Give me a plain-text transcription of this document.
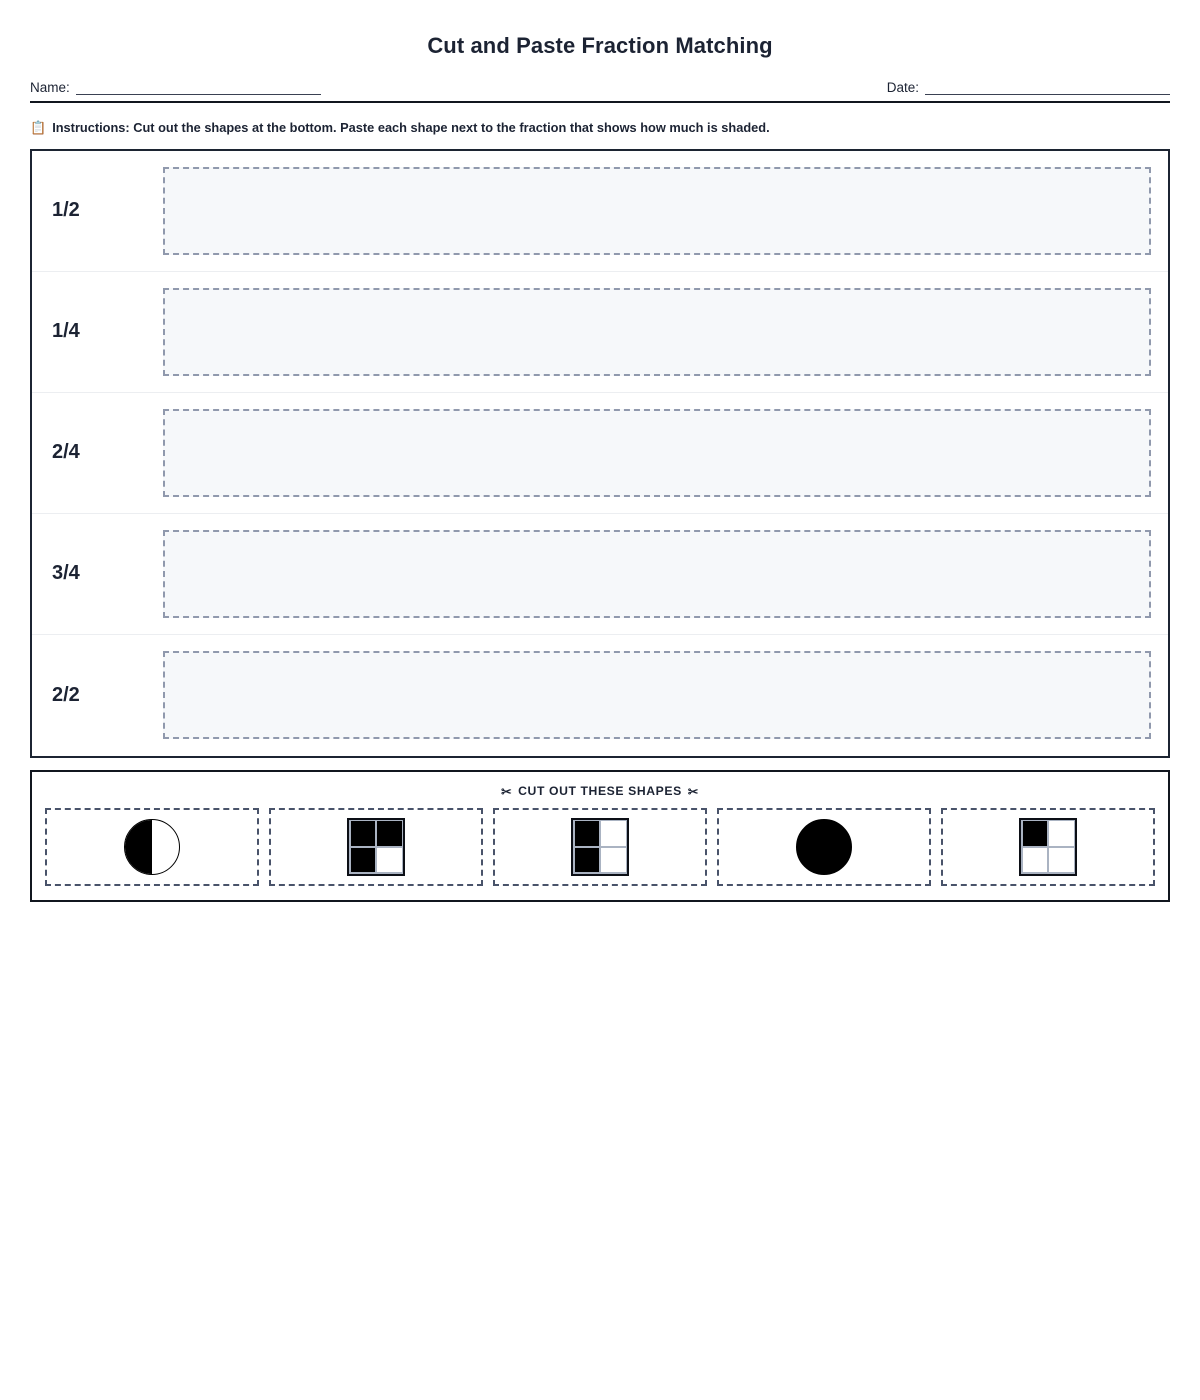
Cut and Paste Fraction Matching
Name:	Date:
📋 Instructions: Cut out the shapes at the bottom. Paste each shape next to the fraction that shows how much is shaded.
1/2
1/4
2/4
3/4
2/2
✂ CUT OUT THESE SHAPES ✂
